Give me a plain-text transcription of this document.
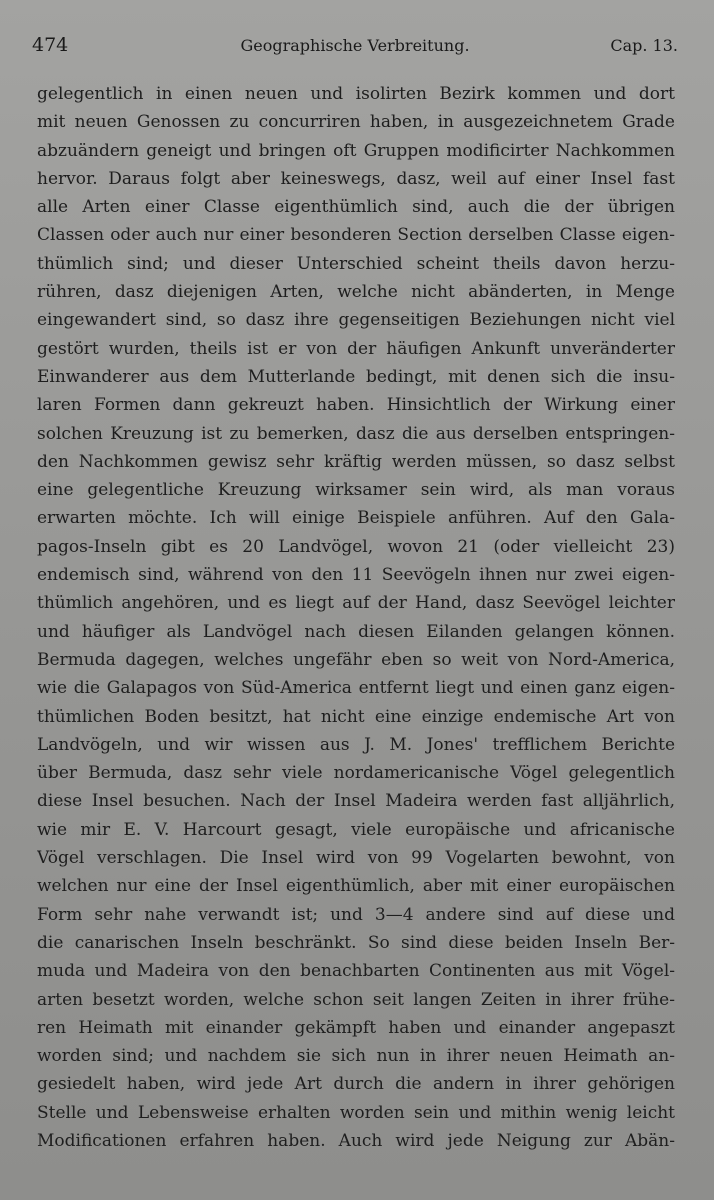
474	Geographische Verbreitung.	Cap. 13.
gelegentlich in einen neuen und isolirten Bezirk kommen und dort
mit neuen Genossen zu concurriren haben, in ausgezeichnetem Grade
abzuändern geneigt und bringen oft Gruppen modificirter Nachkommen
hervor. Daraus folgt aber keineswegs, dasz, weil auf einer Insel fast
alle Arten einer Classe eigenthümlich sind, auch die der übrigen
Classen oder auch nur einer besonderen Section derselben Classe eigen-
thümlich sind; und dieser Unterschied scheint theils davon herzu-
rühren, dasz diejenigen Arten, welche nicht abänderten, in Menge
eingewandert sind, so dasz ihre gegenseitigen Beziehungen nicht viel
gestört wurden, theils ist er von der häufigen Ankunft unveränderter
Einwanderer aus dem Mutterlande bedingt, mit denen sich die insu-
laren Formen dann gekreuzt haben. Hinsichtlich der Wirkung einer
solchen Kreuzung ist zu bemerken, dasz die aus derselben entspringen-
den Nachkommen gewisz sehr kräftig werden müssen, so dasz selbst
eine gelegentliche Kreuzung wirksamer sein wird, als man voraus
erwarten möchte. Ich will einige Beispiele anführen. Auf den Gala-
pagos-Inseln gibt es 20 Landvögel, wovon 21 (oder vielleicht 23)
endemisch sind, während von den 11 Seevögeln ihnen nur zwei eigen-
thümlich angehören, und es liegt auf der Hand, dasz Seevögel leichter
und häufiger als Landvögel nach diesen Eilanden gelangen können.
Bermuda dagegen, welches ungefähr eben so weit von Nord-America,
wie die Galapagos von Süd-America entfernt liegt und einen ganz eigen-
thümlichen Boden besitzt, hat nicht eine einzige endemische Art von
Landvögeln, und wir wissen aus J. M. Jones' trefflichem Berichte
über Bermuda, dasz sehr viele nordamericanische Vögel gelegentlich
diese Insel besuchen. Nach der Insel Madeira werden fast alljährlich,
wie mir E. V. Harcourt gesagt, viele europäische und africanische
Vögel verschlagen. Die Insel wird von 99 Vogelarten bewohnt, von
welchen nur eine der Insel eigenthümlich, aber mit einer europäischen
Form sehr nahe verwandt ist; und 3—4 andere sind auf diese und
die canarischen Inseln beschränkt. So sind diese beiden Inseln Ber-
muda und Madeira von den benachbarten Continenten aus mit Vögel-
arten besetzt worden, welche schon seit langen Zeiten in ihrer frühe-
ren Heimath mit einander gekämpft haben und einander angepaszt
worden sind; und nachdem sie sich nun in ihrer neuen Heimath an-
gesiedelt haben, wird jede Art durch die andern in ihrer gehörigen
Stelle und Lebensweise erhalten worden sein und mithin wenig leicht
Modificationen erfahren haben. Auch wird jede Neigung zur Abän-
